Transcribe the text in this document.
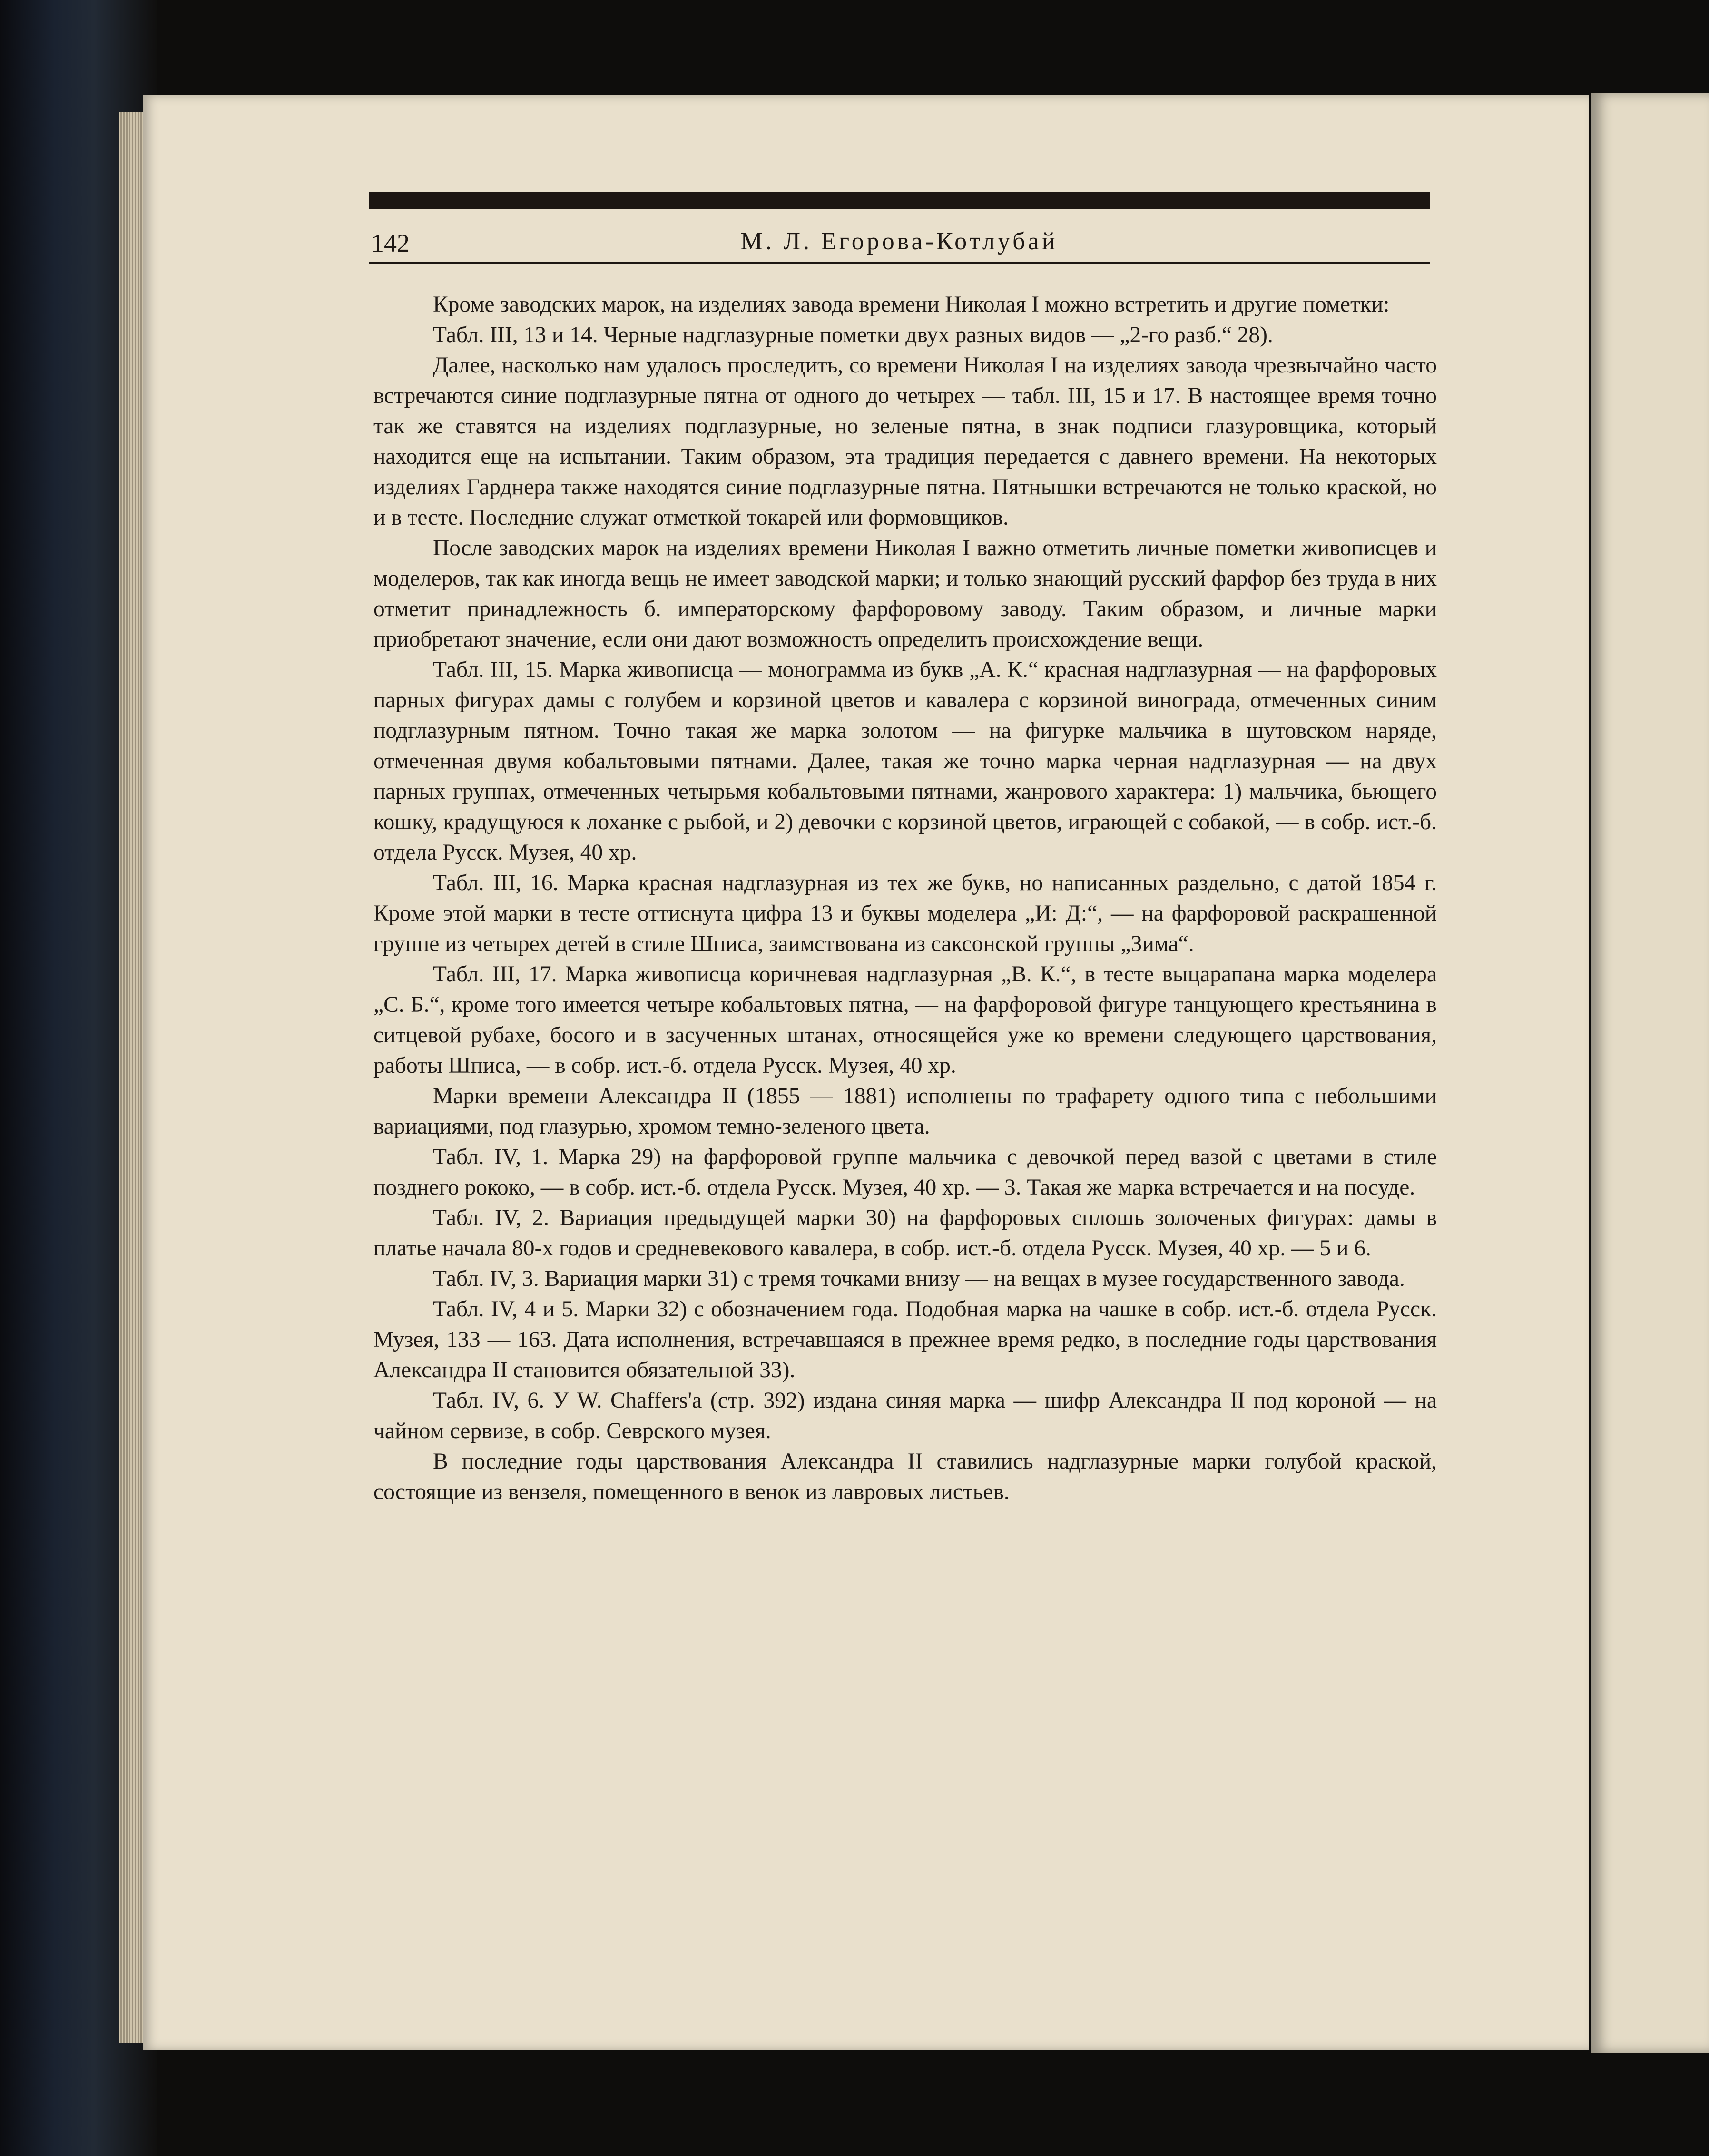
142	М. Л. Егорова-Котлубай

Кроме заводских марок, на изделиях завода времени Николая I можно встретить и другие пометки:

Табл. III, 13 и 14. Черные надглазурные пометки двух разных видов — „2-го разб.“ 28).

Далее, насколько нам удалось проследить, со времени Николая I на изделиях завода чрезвычайно часто встречаются синие подглазурные пятна от одного до четырех — табл. III, 15 и 17. В настоящее время точно так же ставятся на изделиях подглазурные, но зеленые пятна, в знак подписи глазуровщика, который находится еще на испытании. Таким образом, эта традиция передается с давнего времени. На некоторых изделиях Гарднера также находятся синие подглазурные пятна. Пятнышки встречаются не только краской, но и в тесте. Последние служат отметкой токарей или формовщиков.

После заводских марок на изделиях времени Николая I важно отметить личные пометки живописцев и моделеров, так как иногда вещь не имеет заводской марки; и только знающий русский фарфор без труда в них отметит принадлежность б. императорскому фарфоровому заводу. Таким образом, и личные марки приобретают значение, если они дают возможность определить происхождение вещи.

Табл. III, 15. Марка живописца — монограмма из букв „А. К.“ красная надглазурная — на фарфоровых парных фигурах дамы с голубем и корзиной цветов и кавалера с корзиной винограда, отмеченных синим подглазурным пятном. Точно такая же марка золотом — на фигурке мальчика в шутовском наряде, отмеченная двумя кобальтовыми пятнами. Далее, такая же точно марка черная надглазурная — на двух парных группах, отмеченных четырьмя кобальтовыми пятнами, жанрового характера: 1) мальчика, бьющего кошку, крадущуюся к лоханке с рыбой, и 2) девочки с корзиной цветов, играющей с собакой, — в собр. ист.-б. отдела Русск. Музея, 40 хр.

Табл. III, 16. Марка красная надглазурная из тех же букв, но написанных раздельно, с датой 1854 г. Кроме этой марки в тесте оттиснута цифра 13 и буквы моделера „И: Д:“, — на фарфоровой раскрашенной группе из четырех детей в стиле Шписа, заимствована из саксонской группы „Зима“.

Табл. III, 17. Марка живописца коричневая надглазурная „В. К.“, в тесте выцарапана марка моделера „С. Б.“, кроме того имеется четыре кобальтовых пятна, — на фарфоровой фигуре танцующего крестьянина в ситцевой рубахе, босого и в засученных штанах, относящейся уже ко времени следующего царствования, работы Шписа, — в собр. ист.-б. отдела Русск. Музея, 40 хр.

Марки времени Александра II (1855 — 1881) исполнены по трафарету одного типа с небольшими вариациями, под глазурью, хромом темно-зеленого цвета.

Табл. IV, 1. Марка 29) на фарфоровой группе мальчика с девочкой перед вазой с цветами в стиле позднего рококо, — в собр. ист.-б. отдела Русск. Музея, 40 хр. — 3. Такая же марка встречается и на посуде.

Табл. IV, 2. Вариация предыдущей марки 30) на фарфоровых сплошь золоченых фигурах: дамы в платье начала 80-х годов и средневекового кавалера, в собр. ист.-б. отдела Русск. Музея, 40 хр. — 5 и 6.

Табл. IV, 3. Вариация марки 31) с тремя точками внизу — на вещах в музее государственного завода.

Табл. IV, 4 и 5. Марки 32) с обозначением года. Подобная марка на чашке в собр. ист.-б. отдела Русск. Музея, 133 — 163. Дата исполнения, встречавшаяся в прежнее время редко, в последние годы царствования Александра II становится обязательной 33).

Табл. IV, 6. У W. Chaffers'a (стр. 392) издана синяя марка — шифр Александра II под короной — на чайном сервизе, в собр. Севрского музея.

В последние годы царствования Александра II ставились надглазурные марки голубой краской, состоящие из вензеля, помещенного в венок из лавровых листьев.
